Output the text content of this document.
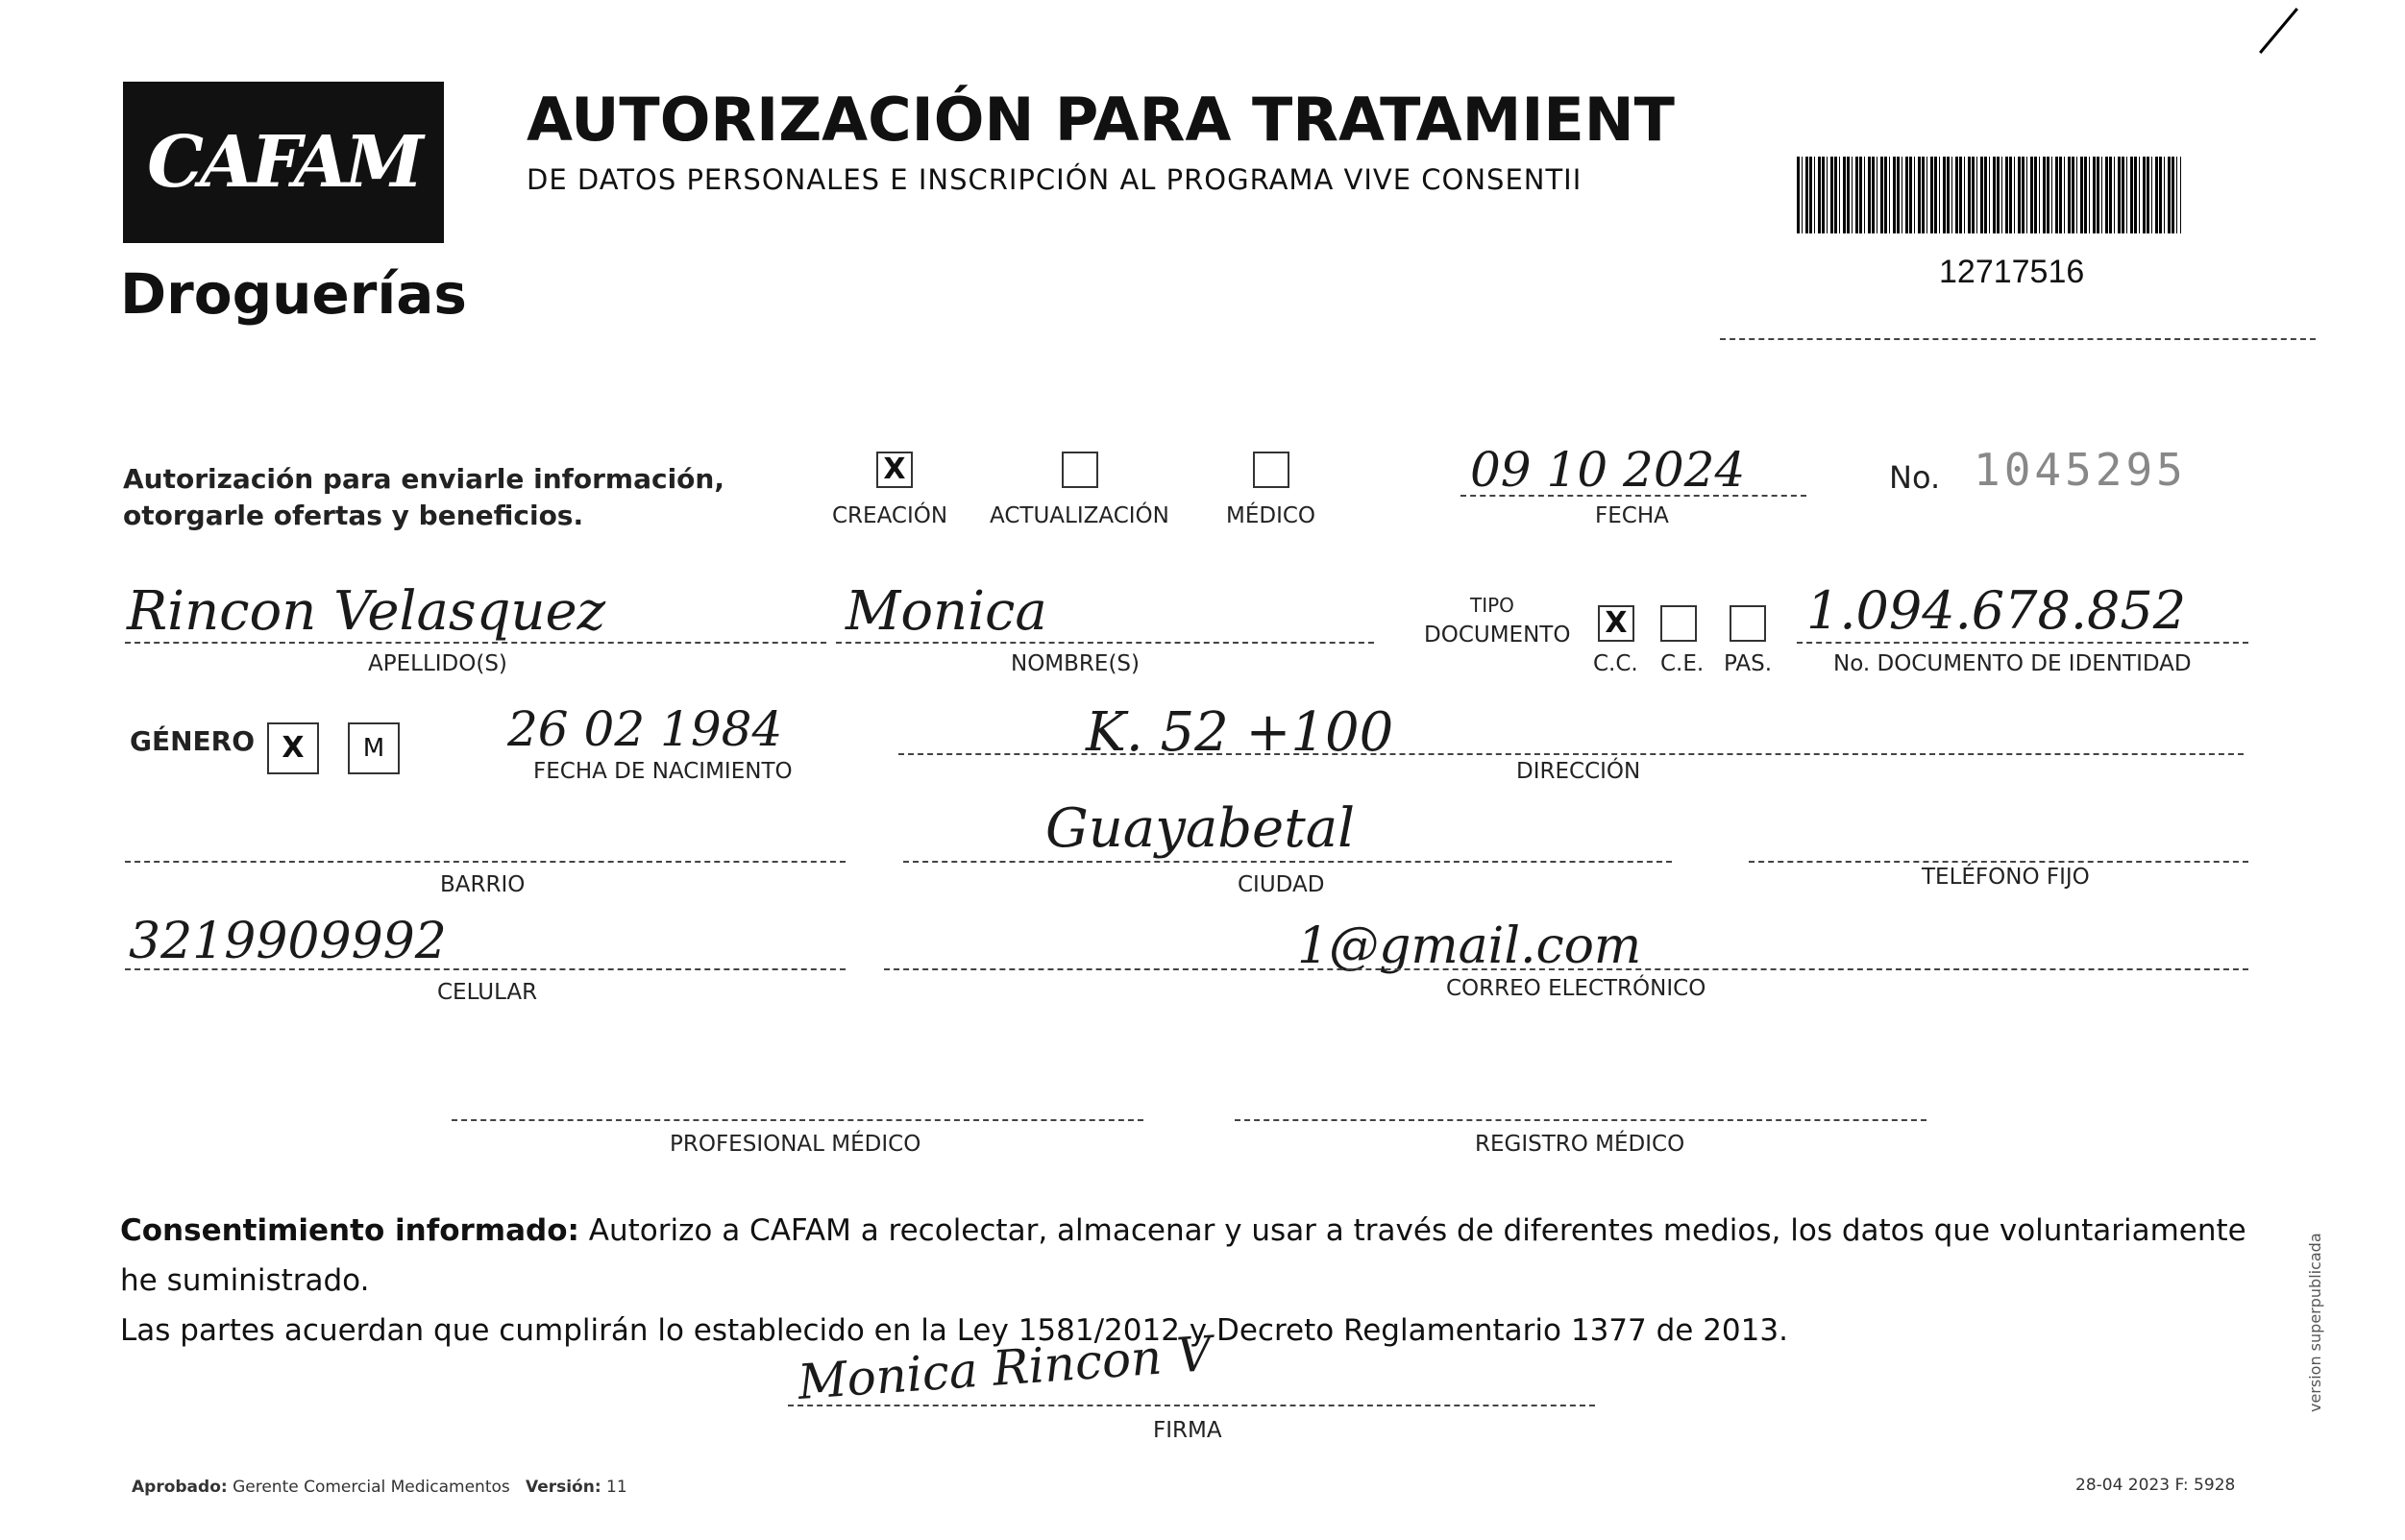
CAFAM
Droguerías
AUTORIZACIÓN PARA TRATAMIENT
DE DATOS PERSONALES E INSCRIPCIÓN AL PROGRAMA VIVE CONSENTII
12717516
Autorización para enviarle información,
otorgarle ofertas y beneficios.
X
CREACIÓN ACTUALIZACIÓN	MÉDICO
09 10 2024
FECHA
No. 1045295
Rincon Velasquez
APELLIDO(S)
Monica
NOMBRE(S)
TIPO
DOCUMENTO X
C.C. C.E. PAS.
1.094.678.852
No. DOCUMENTO DE IDENTIDAD
GÉNERO X	M	26 02 1984
FECHA DE NACIMIENTO
K. 52 +100
DIRECCIÓN
BARRIO
Guayabetal
CIUDAD	TELÉFONO FIJO
3219909992
CELULAR
1@gmail.com
CORREO ELECTRÓNICO
PROFESIONAL MÉDICO	REGISTRO MÉDICO
Consentimiento informado: Autorizo a CAFAM a recolectar, almacenar y usar a través de diferentes medios, los datos que voluntariamente he suministrado.
Las partes acuerdan que cumplirán lo establecido en la Ley 1581/2012 y Decreto Reglamentario 1377 de 2013.
Monica Rincon V
FIRMA
Aprobado: Gerente Comercial Medicamentos Versión: 11	28-04 2023 F: 5928
version superpublicada
